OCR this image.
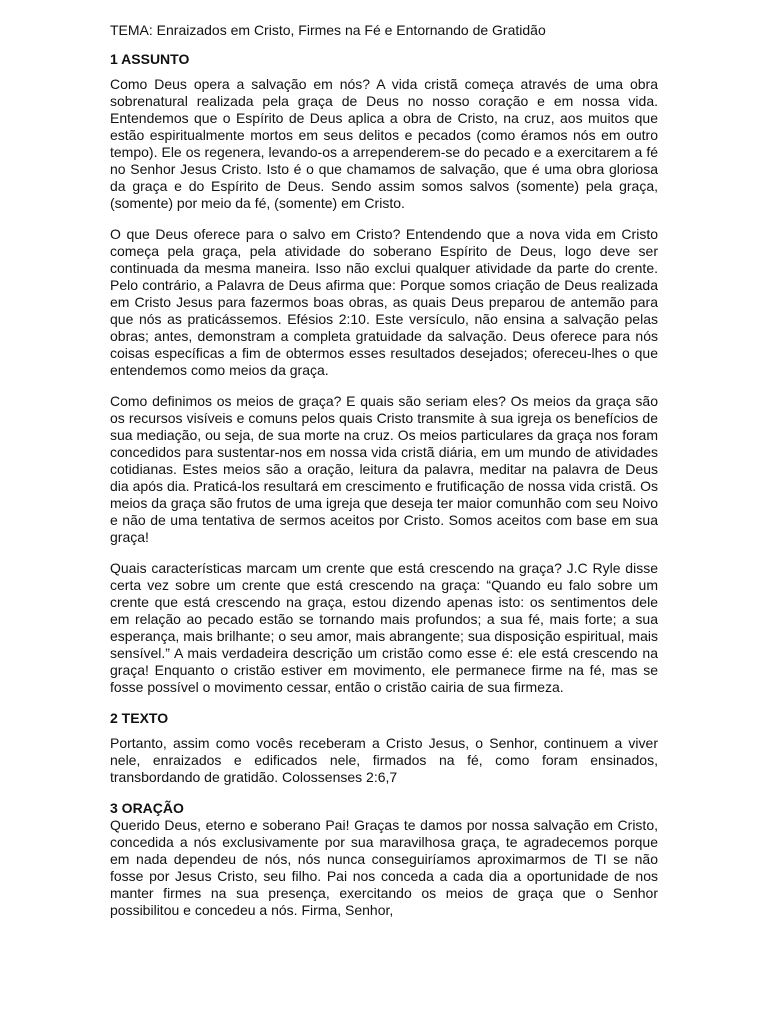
TEMA: Enraizados em Cristo, Firmes na Fé e Entornando de Gratidão
1 ASSUNTO
Como Deus opera a salvação em nós? A vida cristã começa através de uma obra sobrenatural realizada pela graça de Deus no nosso coração e em nossa vida. Entendemos que o Espírito de Deus aplica a obra de Cristo, na cruz, aos muitos que estão espiritualmente mortos em seus delitos e pecados (como éramos nós em outro tempo). Ele os regenera, levando-os a arrependerem-se do pecado e a exercitarem a fé no Senhor Jesus Cristo. Isto é o que chamamos de salvação, que é uma obra gloriosa da graça e do Espírito de Deus. Sendo assim somos salvos (somente) pela graça, (somente) por meio da fé, (somente) em Cristo.
O que Deus oferece para o salvo em Cristo? Entendendo que a nova vida em Cristo começa pela graça, pela atividade do soberano Espírito de Deus, logo deve ser continuada da mesma maneira. Isso não exclui qualquer atividade da parte do crente. Pelo contrário, a Palavra de Deus afirma que: Porque somos criação de Deus realizada em Cristo Jesus para fazermos boas obras, as quais Deus preparou de antemão para que nós as praticássemos. Efésios 2:10. Este versículo, não ensina a salvação pelas obras; antes, demonstram a completa gratuidade da salvação. Deus oferece para nós coisas específicas a fim de obtermos esses resultados desejados; ofereceu-lhes o que entendemos como meios da graça.
Como definimos os meios de graça? E quais são seriam eles? Os meios da graça são os recursos visíveis e comuns pelos quais Cristo transmite à sua igreja os benefícios de sua mediação, ou seja, de sua morte na cruz. Os meios particulares da graça nos foram concedidos para sustentar-nos em nossa vida cristã diária, em um mundo de atividades cotidianas. Estes meios são a oração, leitura da palavra, meditar na palavra de Deus dia após dia. Praticá-los resultará em crescimento e frutificação de nossa vida cristã. Os meios da graça são frutos de uma igreja que deseja ter maior comunhão com seu Noivo e não de uma tentativa de sermos aceitos por Cristo. Somos aceitos com base em sua graça!
Quais características marcam um crente que está crescendo na graça? J.C Ryle disse certa vez sobre um crente que está crescendo na graça: “Quando eu falo sobre um crente que está crescendo na graça, estou dizendo apenas isto: os sentimentos dele em relação ao pecado estão se tornando mais profundos; a sua fé, mais forte; a sua esperança, mais brilhante; o seu amor, mais abrangente; sua disposição espiritual, mais sensível.” A mais verdadeira descrição um cristão como esse é: ele está crescendo na graça! Enquanto o cristão estiver em movimento, ele permanece firme na fé, mas se fosse possível o movimento cessar, então o cristão cairia de sua firmeza.
2 TEXTO
Portanto, assim como vocês receberam a Cristo Jesus, o Senhor, continuem a viver nele, enraizados e edificados nele, firmados na fé, como foram ensinados, transbordando de gratidão. Colossenses 2:6,7
3 ORAÇÃO
Querido Deus, eterno e soberano Pai! Graças te damos por nossa salvação em Cristo, concedida a nós exclusivamente por sua maravilhosa graça, te agradecemos porque em nada dependeu de nós, nós nunca conseguiríamos aproximarmos de TI se não fosse por Jesus Cristo, seu filho. Pai nos conceda a cada dia a oportunidade de nos manter firmes na sua presença, exercitando os meios de graça que o Senhor possibilitou e concedeu a nós. Firma, Senhor,
